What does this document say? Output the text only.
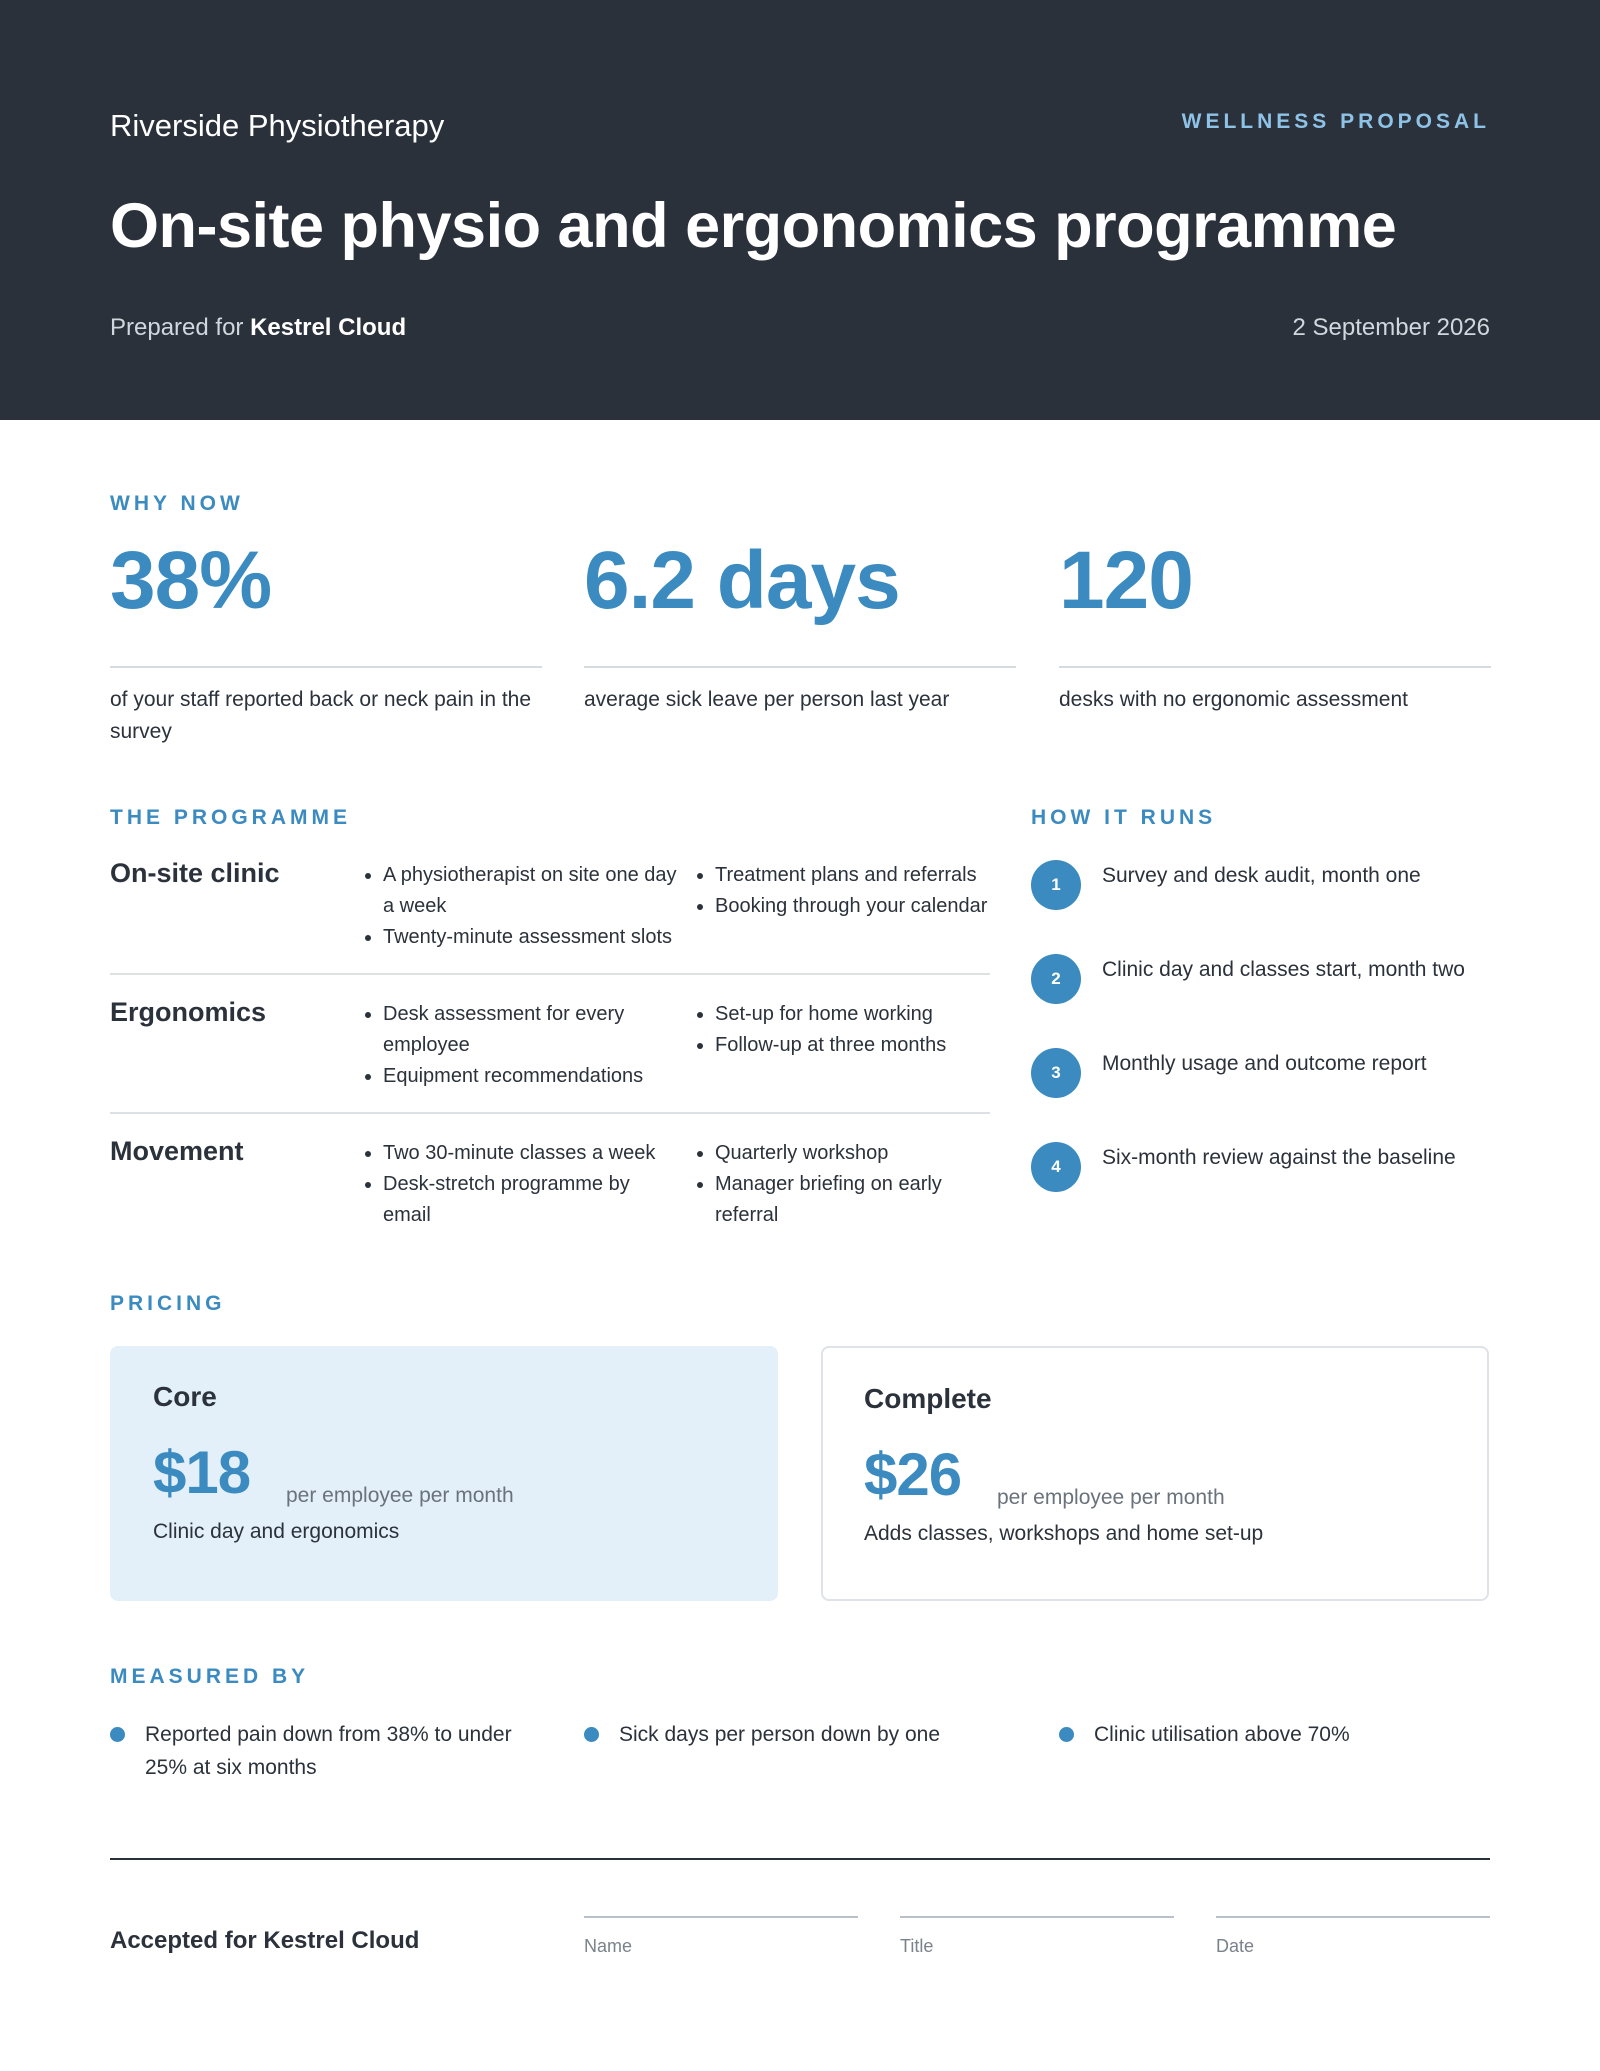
Riverside Physiotherapy	WELLNESS PROPOSAL
On-site physio and ergonomics programme
Prepared for Kestrel Cloud	2 September 2026
WHY NOW
38%
of your staff reported back or neck pain in the survey
6.2 days
average sick leave per person last year
120
desks with no ergonomic assessment
THE PROGRAMME
On-site clinic	A physiotherapist on site one day a week
Twenty-minute assessment slots
Treatment plans and referrals
Booking through your calendar
Ergonomics	Desk assessment for every employee
Equipment recommendations
Set-up for home working
Follow-up at three months
Movement	Two 30-minute classes a week
Desk-stretch programme by email
Quarterly workshop
Manager briefing on early referral
HOW IT RUNS
1	Survey and desk audit, month one
2	Clinic day and classes start, month two
3	Monthly usage and outcome report
4	Six-month review against the baseline
PRICING
Core
$18 per employee per month
Clinic day and ergonomics
Complete
$26 per employee per month
Adds classes, workshops and home set-up
MEASURED BY
Reported pain down from 38% to under 25% at six months
Sick days per person down by one	Clinic utilisation above 70%
Accepted for Kestrel Cloud	Name	Title	Date
